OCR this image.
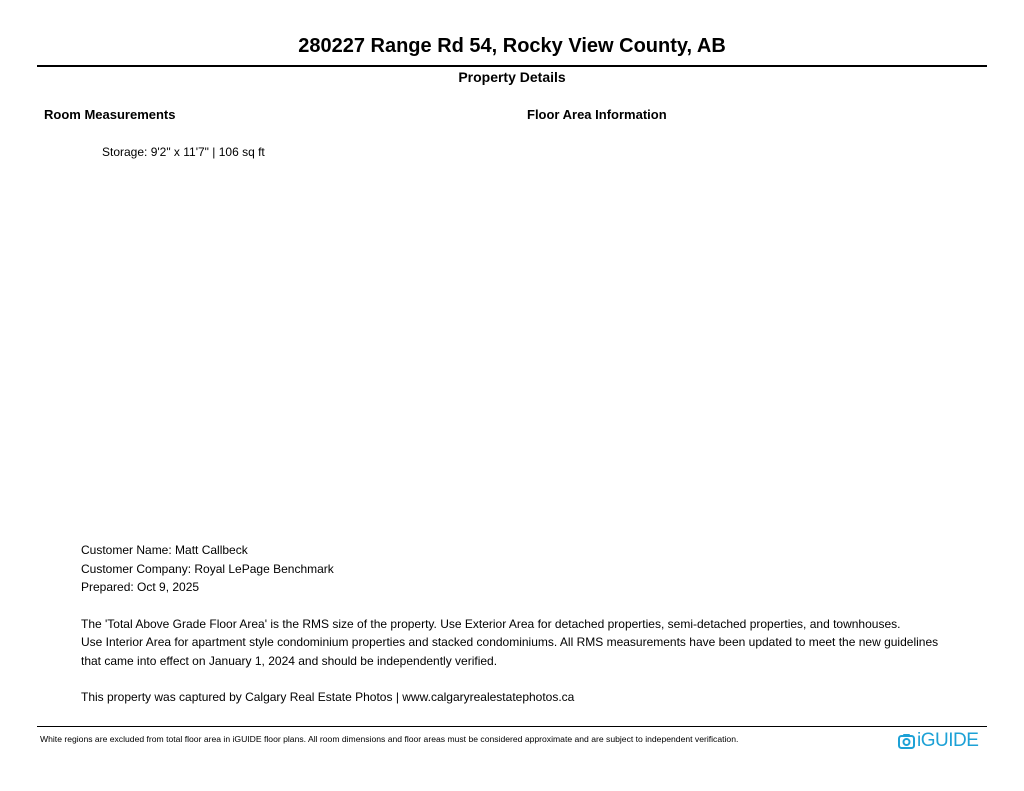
280227 Range Rd 54, Rocky View County, AB
Property Details
Room Measurements	Floor Area Information
Storage: 9'2" x 11'7" | 106 sq ft
Customer Name: Matt Callbeck
Customer Company: Royal LePage Benchmark
Prepared: Oct 9, 2025
The 'Total Above Grade Floor Area' is the RMS size of the property. Use Exterior Area for detached properties, semi-detached properties, and townhouses.
Use Interior Area for apartment style condominium properties and stacked condominiums. All RMS measurements have been updated to meet the new guidelines
that came into effect on January 1, 2024 and should be independently verified.
This property was captured by Calgary Real Estate Photos | www.calgaryrealestatephotos.ca
White regions are excluded from total floor area in iGUIDE floor plans. All room dimensions and floor areas must be considered approximate and are subject to independent verification.	iGUIDE
